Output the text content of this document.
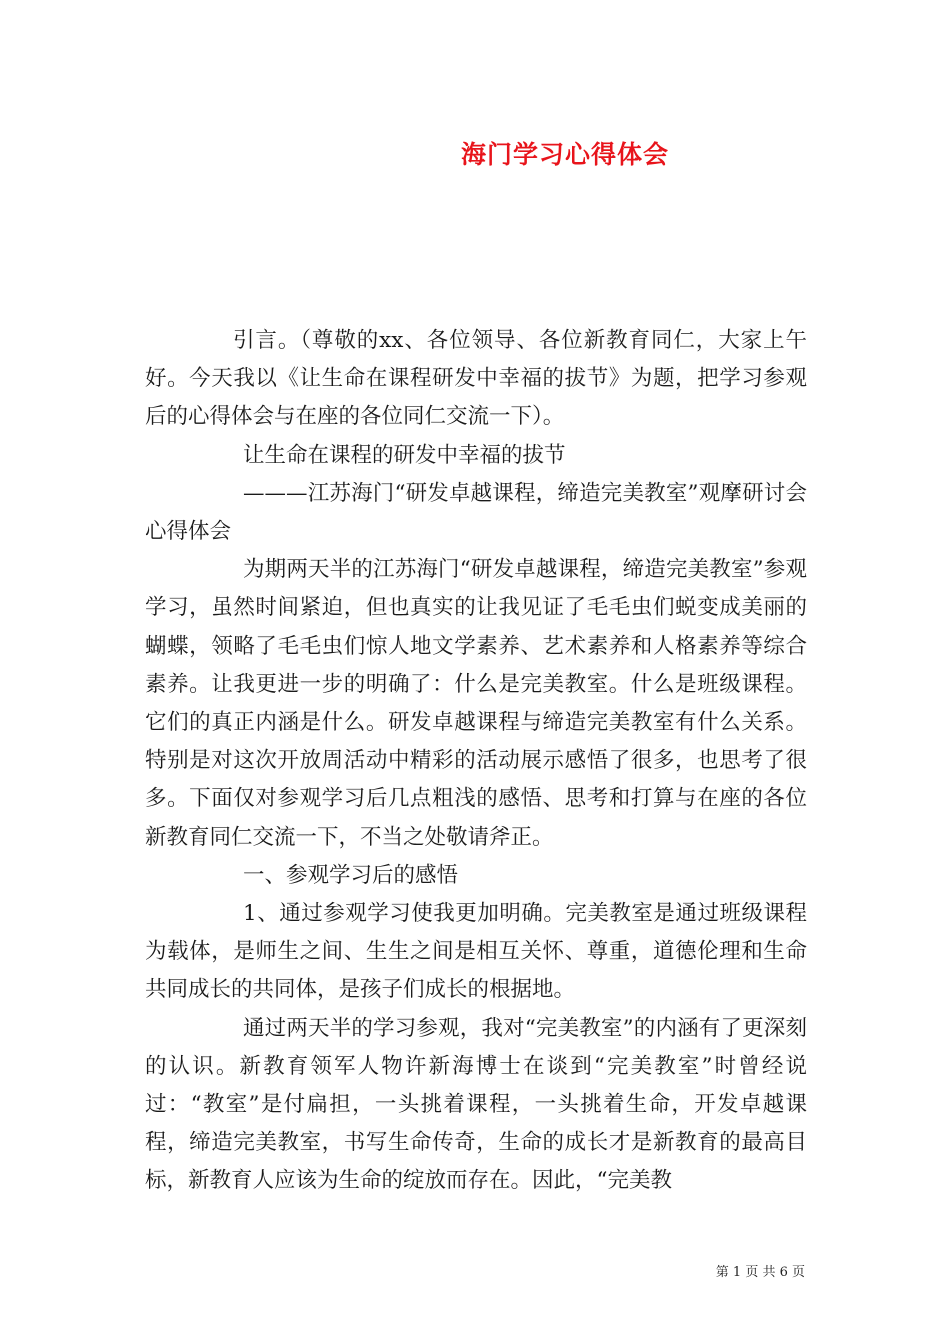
海门学习心得体会

引言。（尊敬的xx、各位领导、各位新教育同仁，大家上午好。今天我以《让生命在课程研发中幸福的拔节》为题，把学习参观后的心得体会与在座的各位同仁交流一下）。

让生命在课程的研发中幸福的拔节

———江苏海门“研发卓越课程，缔造完美教室”观摩研讨会心得体会

为期两天半的江苏海门“研发卓越课程，缔造完美教室”参观学习，虽然时间紧迫，但也真实的让我见证了毛毛虫们蜕变成美丽的蝴蝶，领略了毛毛虫们惊人地文学素养、艺术素养和人格素养等综合素养。让我更进一步的明确了：什么是完美教室。什么是班级课程。它们的真正内涵是什么。研发卓越课程与缔造完美教室有什么关系。特别是对这次开放周活动中精彩的活动展示感悟了很多，也思考了很多。下面仅对参观学习后几点粗浅的感悟、思考和打算与在座的各位新教育同仁交流一下，不当之处敬请斧正。

一、参观学习后的感悟

1、通过参观学习使我更加明确。完美教室是通过班级课程为载体，是师生之间、生生之间是相互关怀、尊重，道德伦理和生命共同成长的共同体，是孩子们成长的根据地。

通过两天半的学习参观，我对“完美教室”的内涵有了更深刻的认识。新教育领军人物许新海博士在谈到“完美教室”时曾经说过：“教室”是付扁担，一头挑着课程，一头挑着生命，开发卓越课程，缔造完美教室，书写生命传奇，生命的成长才是新教育的最高目标，新教育人应该为生命的绽放而存在。因此，“完美教

第 1 页 共 6 页
